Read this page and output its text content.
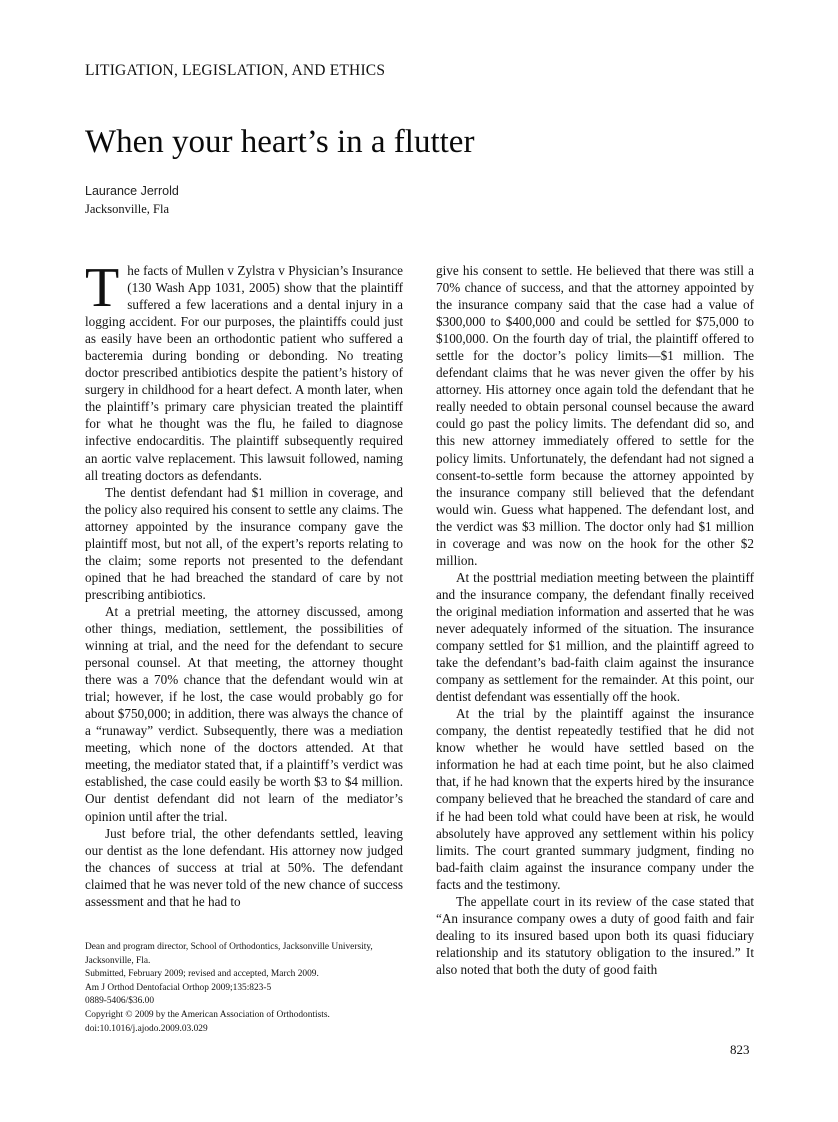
LITIGATION, LEGISLATION, AND ETHICS
When your heart’s in a flutter
Laurance Jerrold
Jacksonville, Fla

The facts of Mullen v Zylstra v Physician’s Insurance (130 Wash App 1031, 2005) show that the plaintiff suffered a few lacerations and a dental injury in a logging accident. For our purposes, the plaintiffs could just as easily have been an orthodontic patient who suffered a bacteremia during bonding or debonding. No treating doctor prescribed antibiotics despite the patient’s history of surgery in childhood for a heart defect. A month later, when the plaintiff’s primary care physician treated the plaintiff for what he thought was the flu, he failed to diagnose infective endocarditis. The plaintiff subsequently required an aortic valve replacement. This lawsuit followed, naming all treating doctors as defendants.

The dentist defendant had $1 million in coverage, and the policy also required his consent to settle any claims. The attorney appointed by the insurance company gave the plaintiff most, but not all, of the expert’s reports relating to the claim; some reports not presented to the defendant opined that he had breached the standard of care by not prescribing antibiotics.

At a pretrial meeting, the attorney discussed, among other things, mediation, settlement, the possibilities of winning at trial, and the need for the defendant to secure personal counsel. At that meeting, the attorney thought there was a 70% chance that the defendant would win at trial; however, if he lost, the case would probably go for about $750,000; in addition, there was always the chance of a “runaway” verdict. Subsequently, there was a mediation meeting, which none of the doctors attended. At that meeting, the mediator stated that, if a plaintiff’s verdict was established, the case could easily be worth $3 to $4 million. Our dentist defendant did not learn of the mediator’s opinion until after the trial.

Just before trial, the other defendants settled, leaving our dentist as the lone defendant. His attorney now judged the chances of success at trial at 50%. The defendant claimed that he was never told of the new chance of success assessment and that he had to

give his consent to settle. He believed that there was still a 70% chance of success, and that the attorney appointed by the insurance company said that the case had a value of $300,000 to $400,000 and could be settled for $75,000 to $100,000. On the fourth day of trial, the plaintiff offered to settle for the doctor’s policy limits—$1 million. The defendant claims that he was never given the offer by his attorney. His attorney once again told the defendant that he really needed to obtain personal counsel because the award could go past the policy limits. The defendant did so, and this new attorney immediately offered to settle for the policy limits. Unfortunately, the defendant had not signed a consent-to-settle form because the attorney appointed by the insurance company still believed that the defendant would win. Guess what happened. The defendant lost, and the verdict was $3 million. The doctor only had $1 million in coverage and was now on the hook for the other $2 million.

At the posttrial mediation meeting between the plaintiff and the insurance company, the defendant finally received the original mediation information and asserted that he was never adequately informed of the situation. The insurance company settled for $1 million, and the plaintiff agreed to take the defendant’s bad-faith claim against the insurance company as settlement for the remainder. At this point, our dentist defendant was essentially off the hook.

At the trial by the plaintiff against the insurance company, the dentist repeatedly testified that he did not know whether he would have settled based on the information he had at each time point, but he also claimed that, if he had known that the experts hired by the insurance company believed that he breached the standard of care and if he had been told what could have been at risk, he would absolutely have approved any settlement within his policy limits. The court granted summary judgment, finding no bad-faith claim against the insurance company under the facts and the testimony.

The appellate court in its review of the case stated that “An insurance company owes a duty of good faith and fair dealing to its insured based upon both its quasi fiduciary relationship and its statutory obligation to the insured.” It also noted that both the duty of good faith

Dean and program director, School of Orthodontics, Jacksonville University, Jacksonville, Fla.
Submitted, February 2009; revised and accepted, March 2009.
Am J Orthod Dentofacial Orthop 2009;135:823-5
0889-5406/$36.00
Copyright © 2009 by the American Association of Orthodontists.
doi:10.1016/j.ajodo.2009.03.029
823
